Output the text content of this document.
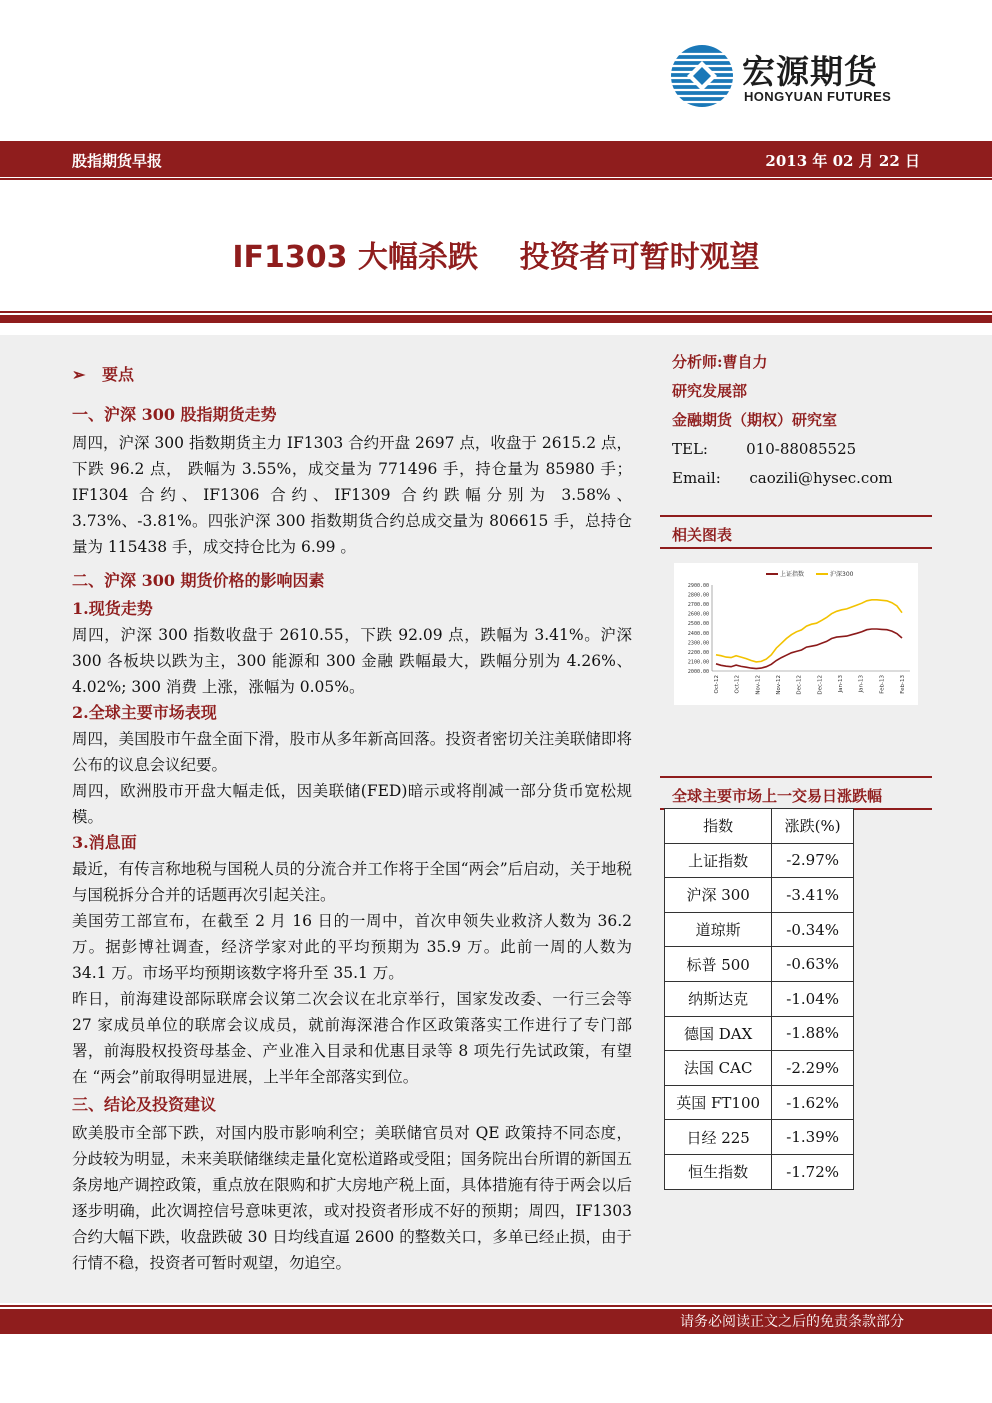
宏源期货
HONGYUAN FUTURES
股指期货早报	2013 年 02 月 22 日
IF1303 大幅杀跌    投资者可暂时观望
➢ 要点
一、沪深 300 股指期货走势
周四，沪深 300 指数期货主力 IF1303 合约开盘 2697 点，收盘于 2615.2 点，下跌 96.2 点， 跌幅为 3.55%，成交量为 771496 手，持仓量为 85980 手；IF1304 合约、IF1306 合约、IF1309 合约跌幅分别为 3.58%、3.73%、-3.81%。四张沪深 300 指数期货合约总成交量为 806615 手，总持仓量为 115438 手，成交持仓比为 6.99 。
二、沪深 300 期货价格的影响因素
1.现货走势
周四，沪深 300 指数收盘于 2610.55，下跌 92.09 点，跌幅为 3.41%。沪深 300 各板块以跌为主，300 能源和 300 金融 跌幅最大，跌幅分别为 4.26%、4.02%; 300 消费 上涨，涨幅为 0.05%。
2.全球主要市场表现
周四，美国股市午盘全面下滑，股市从多年新高回落。投资者密切关注美联储即将公布的议息会议纪要。
周四，欧洲股市开盘大幅走低，因美联储(FED)暗示或将削减一部分货币宽松规模。
3.消息面
最近，有传言称地税与国税人员的分流合并工作将于全国“两会”后启动，关于地税与国税拆分合并的话题再次引起关注。
美国劳工部宣布，在截至 2 月 16 日的一周中，首次申领失业救济人数为 36.2 万。据彭博社调查，经济学家对此的平均预期为 35.9 万。此前一周的人数为 34.1 万。市场平均预期该数字将升至 35.1 万。
昨日，前海建设部际联席会议第二次会议在北京举行，国家发改委、一行三会等 27 家成员单位的联席会议成员，就前海深港合作区政策落实工作进行了专门部署，前海股权投资母基金、产业准入目录和优惠目录等 8 项先行先试政策，有望在 “两会”前取得明显进展，上半年全部落实到位。
三、结论及投资建议
欧美股市全部下跌，对国内股市影响利空；美联储官员对 QE 政策持不同态度，分歧较为明显，未来美联储继续走量化宽松道路或受阻；国务院出台所谓的新国五条房地产调控政策，重点放在限购和扩大房地产税上面，具体措施有待于两会以后逐步明确，此次调控信号意味更浓，或对投资者形成不好的预期；周四，IF1303 合约大幅下跌，收盘跌破 30 日均线直逼 2600 的整数关口，多单已经止损，由于行情不稳，投资者可暂时观望，勿追空。
分析师:曹自力
研究发展部
金融期货（期权）研究室
TEL:	010-88085525
Email: caozili@hysec.com
相关图表
2000.00
2100.00
2200.00
2300.00
2400.00
2500.00
2600.00
2700.00
2800.00
2900.00
Oct-12	Oct-12	Nov-12	Nov-12	Dec-12	Dec-12	Jan-13	Jan-13	Feb-13	Feb-13
上证指数	沪深300
全球主要市场上一交易日涨跌幅
指数	涨跌(%)
上证指数	-2.97%
沪深 300	-3.41%
道琼斯	-0.34%
标普 500	-0.63%
纳斯达克	-1.04%
德国 DAX	-1.88%
法国 CAC	-2.29%
英国 FT100	-1.62%
日经 225	-1.39%
恒生指数	-1.72%
请务必阅读正文之后的免责条款部分
